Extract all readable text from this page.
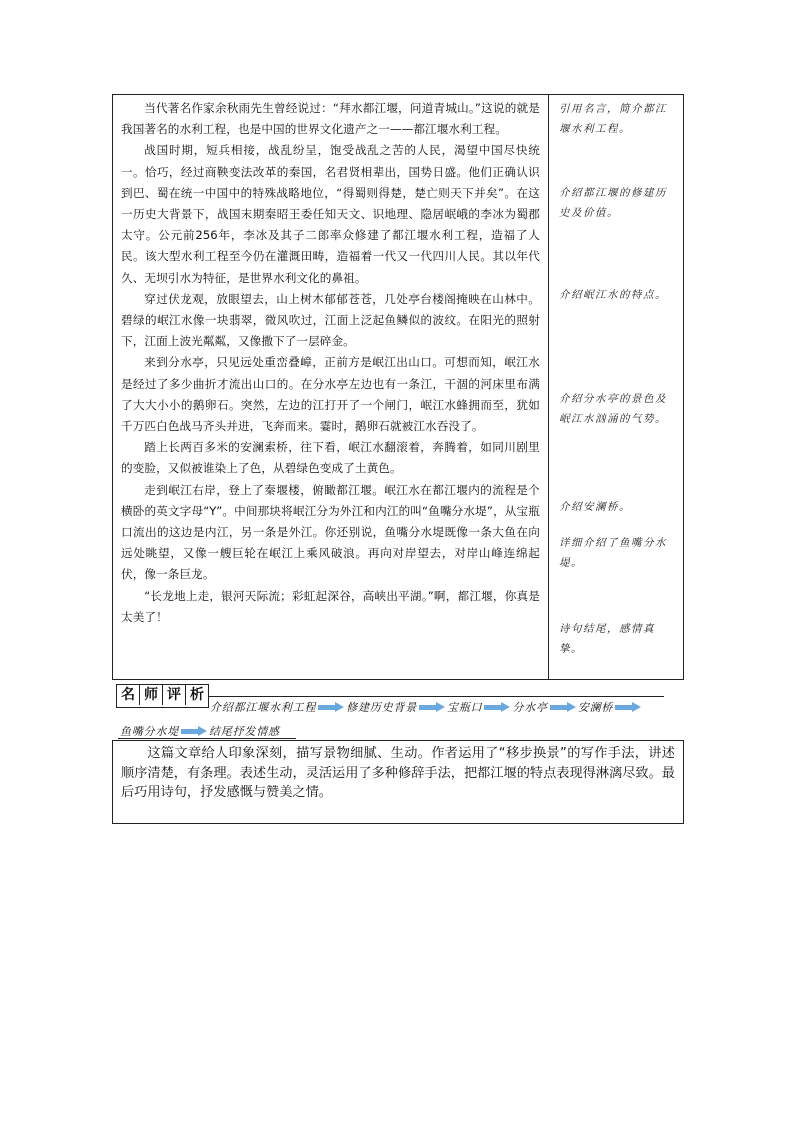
当代著名作家余秋雨先生曾经说过：“拜水都江堰，问道青城山。”这说的就是我国著名的水利工程，也是中国的世界文化遗产之一——都江堰水利工程。

战国时期，短兵相接，战乱纷呈，饱受战乱之苦的人民，渴望中国尽快统一。恰巧，经过商鞅变法改革的秦国，名君贤相辈出，国势日盛。他们正确认识到巴、蜀在统一中国中的特殊战略地位，“得蜀则得楚，楚亡则天下并矣”。在这一历史大背景下，战国末期秦昭王委任知天文、识地理、隐居岷峨的李冰为蜀郡太守。公元前256年，李冰及其子二郎率众修建了都江堰水利工程，造福了人民。该大型水利工程至今仍在灌溉田畴，造福着一代又一代四川人民。其以年代久、无坝引水为特征，是世界水利文化的鼻祖。

穿过伏龙观，放眼望去，山上树木郁郁苍苍，几处亭台楼阁掩映在山林中。碧绿的岷江水像一块翡翠，微风吹过，江面上泛起鱼鳞似的波纹。在阳光的照射下，江面上波光粼粼，又像撒下了一层碎金。

来到分水亭，只见远处重峦叠嶂，正前方是岷江出山口。可想而知，岷江水是经过了多少曲折才流出山口的。在分水亭左边也有一条江，干涸的河床里布满了大大小小的鹅卵石。突然，左边的江打开了一个闸门，岷江水蜂拥而至，犹如千万匹白色战马齐头并进，飞奔而来。霎时，鹅卵石就被江水吞没了。

踏上长两百多米的安澜索桥，往下看，岷江水翻滚着，奔腾着，如同川剧里的变脸，又似被谁染上了色，从碧绿色变成了土黄色。

走到岷江右岸，登上了秦堰楼，俯瞰都江堰。岷江水在都江堰内的流程是个横卧的英文字母“Y”。中间那块将岷江分为外江和内江的叫“鱼嘴分水堤”，从宝瓶口流出的这边是内江，另一条是外江。你还别说，鱼嘴分水堤既像一条大鱼在向远处眺望，又像一艘巨轮在岷江上乘风破浪。再向对岸望去，对岸山峰连绵起伏，像一条巨龙。

“长龙地上走，银河天际流；彩虹起深谷，高峡出平湖。”啊，都江堰，你真是太美了！

引用名言，简介都江堰水利工程。
介绍都江堰的修建历史及价值。
介绍岷江水的特点。
介绍分水亭的景色及岷江水汹涌的气势。
介绍安澜桥。
详细介绍了鱼嘴分水堤。
诗句结尾，感情真挚。
名 师 评 析
介绍都江堰水利工程	修建历史背景	宝瓶口	分水亭	安澜桥
鱼嘴分水堤	结尾抒发情感

这篇文章给人印象深刻，描写景物细腻、生动。作者运用了“移步换景”的写作手法，讲述顺序清楚，有条理。表述生动，灵活运用了多种修辞手法，把都江堰的特点表现得淋漓尽致。最后巧用诗句，抒发感慨与赞美之情。
